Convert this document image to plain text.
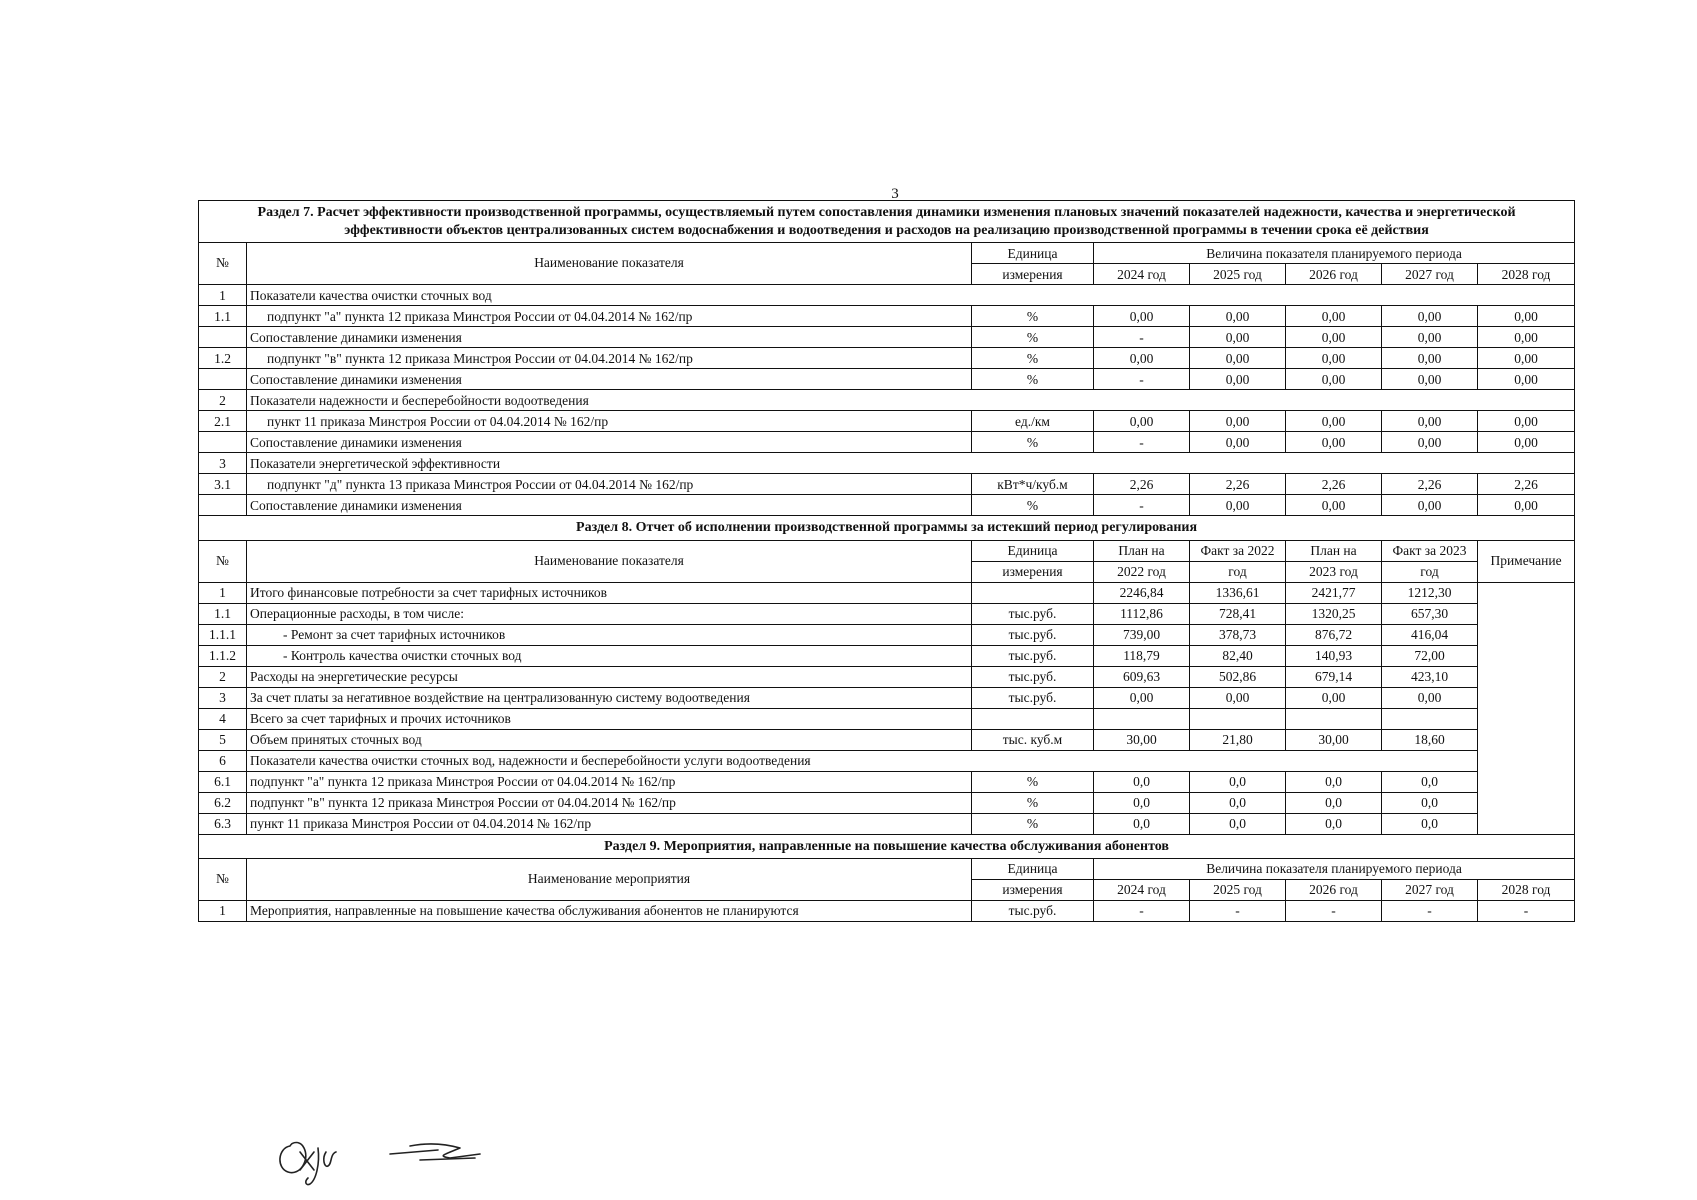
3
Раздел 7. Расчет эффективности производственной программы, осуществляемый путем сопоставления динамики изменения плановых значений показателей надежности, качества и энергетической эффективности объектов централизованных систем водоснабжения и водоотведения и расходов на реализацию производственной программы в течении срока её действия							
№	Наименование показателя	Единица	Величина показателя планируемого периода				
		измерения	2024 год	2025 год	2026 год	2027 год	2028 год
1	Показатели качества очистки сточных вод						
1.1	подпункт "а" пункта 12 приказа Минстроя России от 04.04.2014 № 162/пр	%	0,00	0,00	0,00	0,00	0,00
	Сопоставление динамики изменения	%	-	0,00	0,00	0,00	0,00
1.2	подпункт "в" пункта 12 приказа Минстроя России от 04.04.2014 № 162/пр	%	0,00	0,00	0,00	0,00	0,00
	Сопоставление динамики изменения	%	-	0,00	0,00	0,00	0,00
2	Показатели надежности и бесперебойности водоотведения						
2.1	пункт 11 приказа Минстроя России от 04.04.2014 № 162/пр	ед./км	0,00	0,00	0,00	0,00	0,00
	Сопоставление динамики изменения	%	-	0,00	0,00	0,00	0,00
3	Показатели энергетической эффективности						
3.1	подпункт "д" пункта 13 приказа Минстроя России от 04.04.2014 № 162/пр	кВт*ч/куб.м	2,26	2,26	2,26	2,26	2,26
	Сопоставление динамики изменения	%	-	0,00	0,00	0,00	0,00
Раздел 8. Отчет об исполнении производственной программы за истекший период регулирования							
№	Наименование показателя	Единица	План на	Факт за 2022	План на	Факт за 2023	Примечание
		измерения	2022 год	год	2023 год	год	
1	Итого финансовые потребности за счет тарифных источников		2246,84	1336,61	2421,77	1212,30	
1.1	Операционные расходы, в том числе:	тыс.руб.	1112,86	728,41	1320,25	657,30	
1.1.1	- Ремонт за счет тарифных источников	тыс.руб.	739,00	378,73	876,72	416,04	
1.1.2	- Контроль качества очистки сточных вод	тыс.руб.	118,79	82,40	140,93	72,00	
2	Расходы на энергетические ресурсы	тыс.руб.	609,63	502,86	679,14	423,10	
3	За счет платы за негативное воздействие на централизованную систему водоотведения	тыс.руб.	0,00	0,00	0,00	0,00	
4	Всего за счет тарифных и прочих источников						
5	Объем принятых сточных вод	тыс. куб.м	30,00	21,80	30,00	18,60	
6	Показатели качества очистки сточных вод, надежности и бесперебойности услуги водоотведения						
6.1	подпункт "а" пункта 12 приказа Минстроя России от 04.04.2014 № 162/пр	%	0,0	0,0	0,0	0,0	
6.2	подпункт "в" пункта 12 приказа Минстроя России от 04.04.2014 № 162/пр	%	0,0	0,0	0,0	0,0	
6.3	пункт 11 приказа Минстроя России от 04.04.2014 № 162/пр	%	0,0	0,0	0,0	0,0	
Раздел 9. Мероприятия, направленные на повышение качества обслуживания абонентов							
№	Наименование мероприятия	Единица	Величина показателя планируемого периода				
		измерения	2024 год	2025 год	2026 год	2027 год	2028 год
1	Мероприятия, направленные на повышение качества обслуживания абонентов не планируются	тыс.руб.	-	-	-	-	-
